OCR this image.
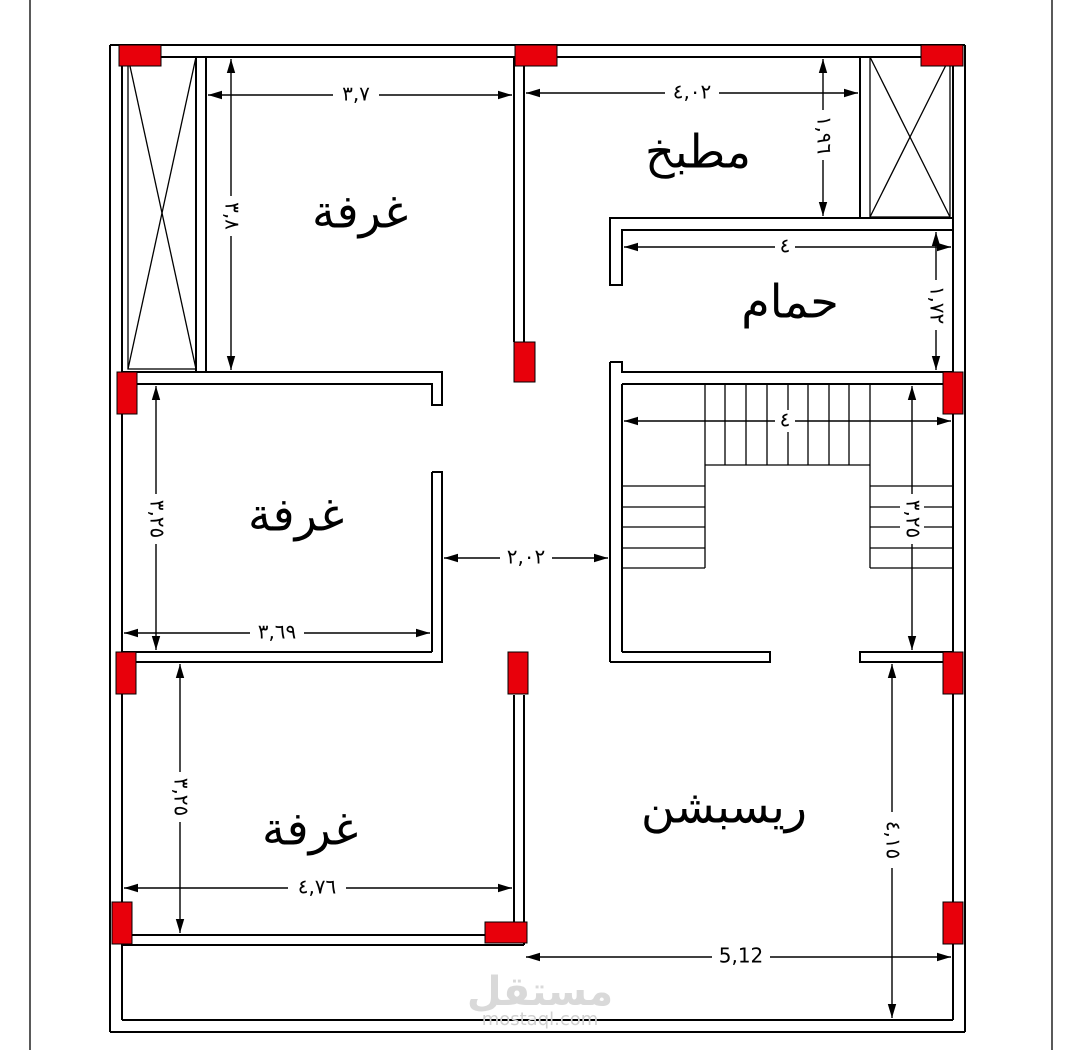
مستقل
mostaql.com
غرفة
مطبخ
حمام
غرفة
غرفة	ريسبشن
٣,٧	٤,٠٢
١,٩٦
٤
١,٧٢
٣,٨
٤
٣,٢٥	٣,٢٥
٢,٠٢
٣,٦٩
٣,٢٥
٤,١٥
٤,٧٦
5,12
